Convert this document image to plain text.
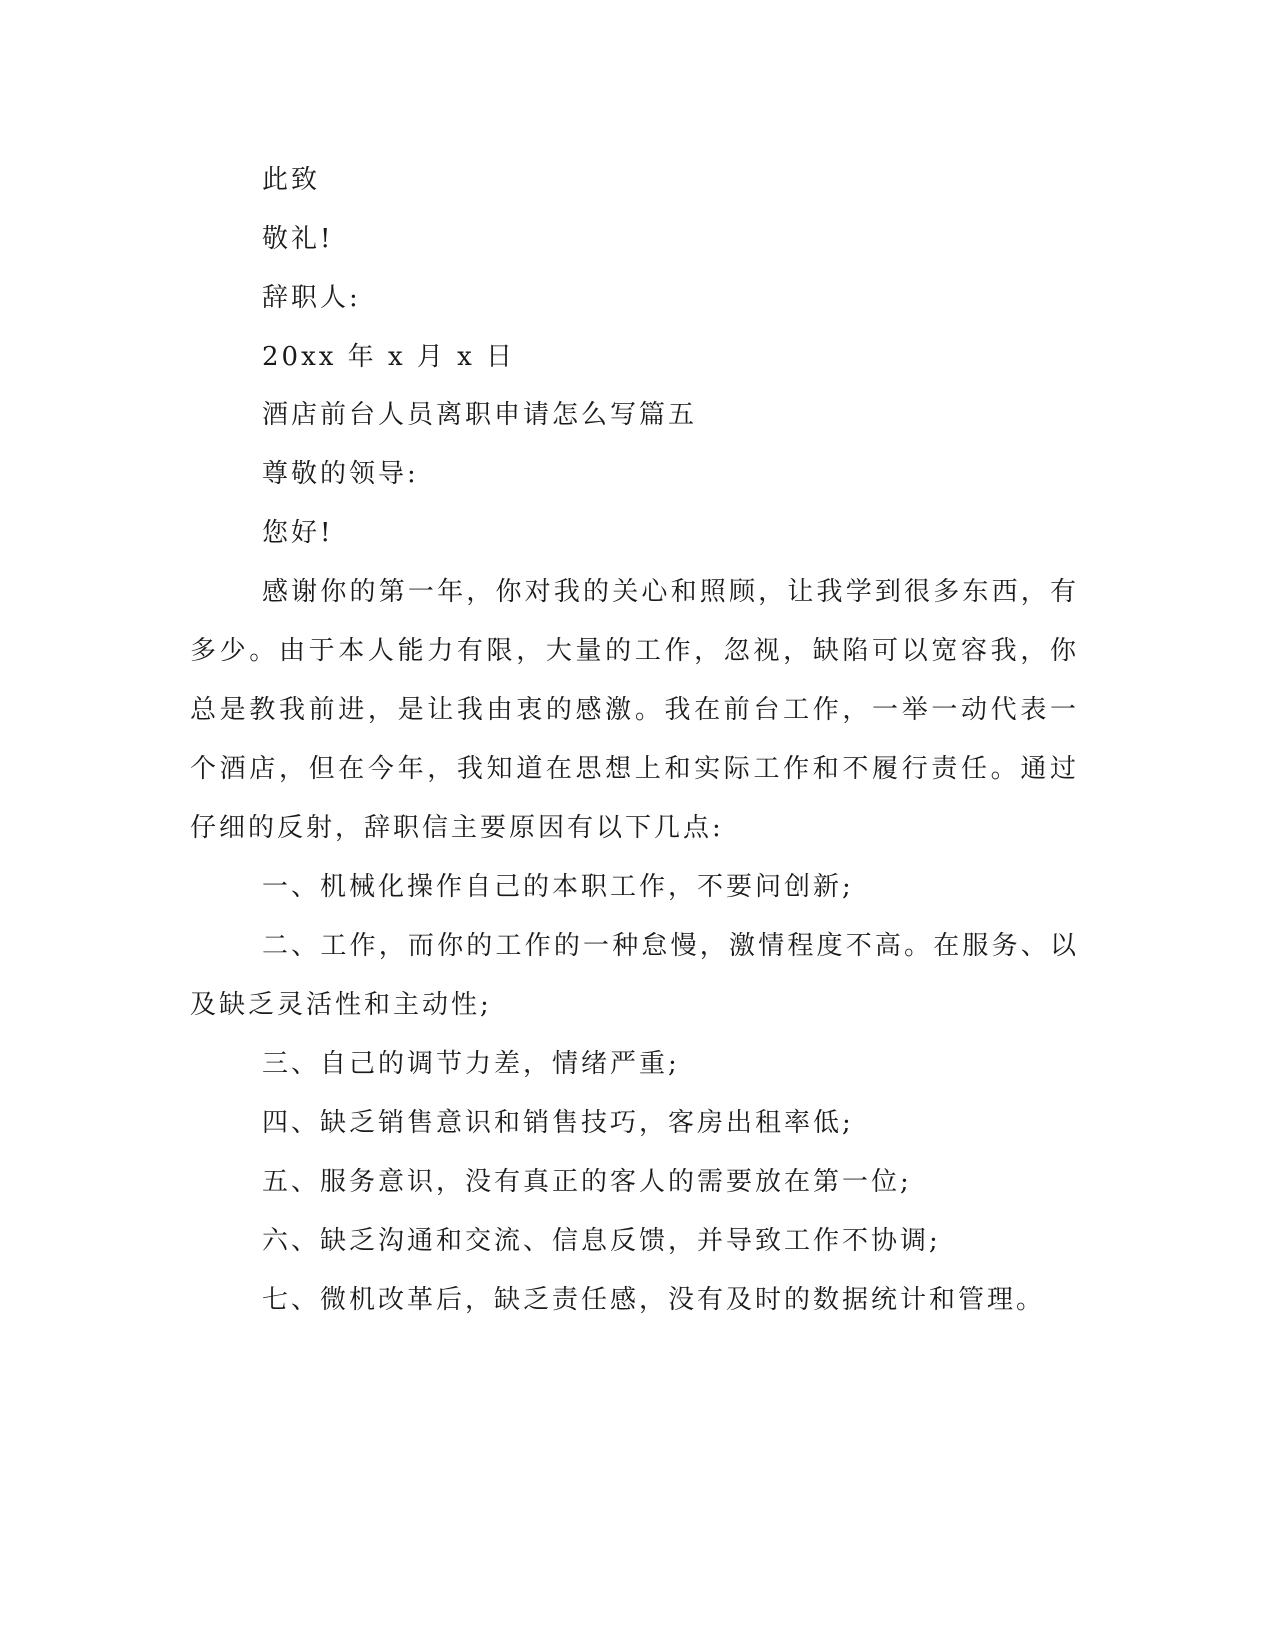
此致
敬礼!
辞职人:
20xx 年 x 月 x 日
酒店前台人员离职申请怎么写篇五
尊敬的领导:
您好!
感谢你的第一年，你对我的关心和照顾，让我学到很多东西，有
多少。由于本人能力有限，大量的工作，忽视，缺陷可以宽容我，你
总是教我前进，是让我由衷的感激。我在前台工作，一举一动代表一
个酒店，但在今年，我知道在思想上和实际工作和不履行责任。通过
仔细的反射，辞职信主要原因有以下几点:
一、机械化操作自己的本职工作，不要问创新;
二、工作，而你的工作的一种怠慢，激情程度不高。在服务、以
及缺乏灵活性和主动性;
三、自己的调节力差，情绪严重;
四、缺乏销售意识和销售技巧，客房出租率低;
五、服务意识，没有真正的客人的需要放在第一位;
六、缺乏沟通和交流、信息反馈，并导致工作不协调;
七、微机改革后，缺乏责任感，没有及时的数据统计和管理。
